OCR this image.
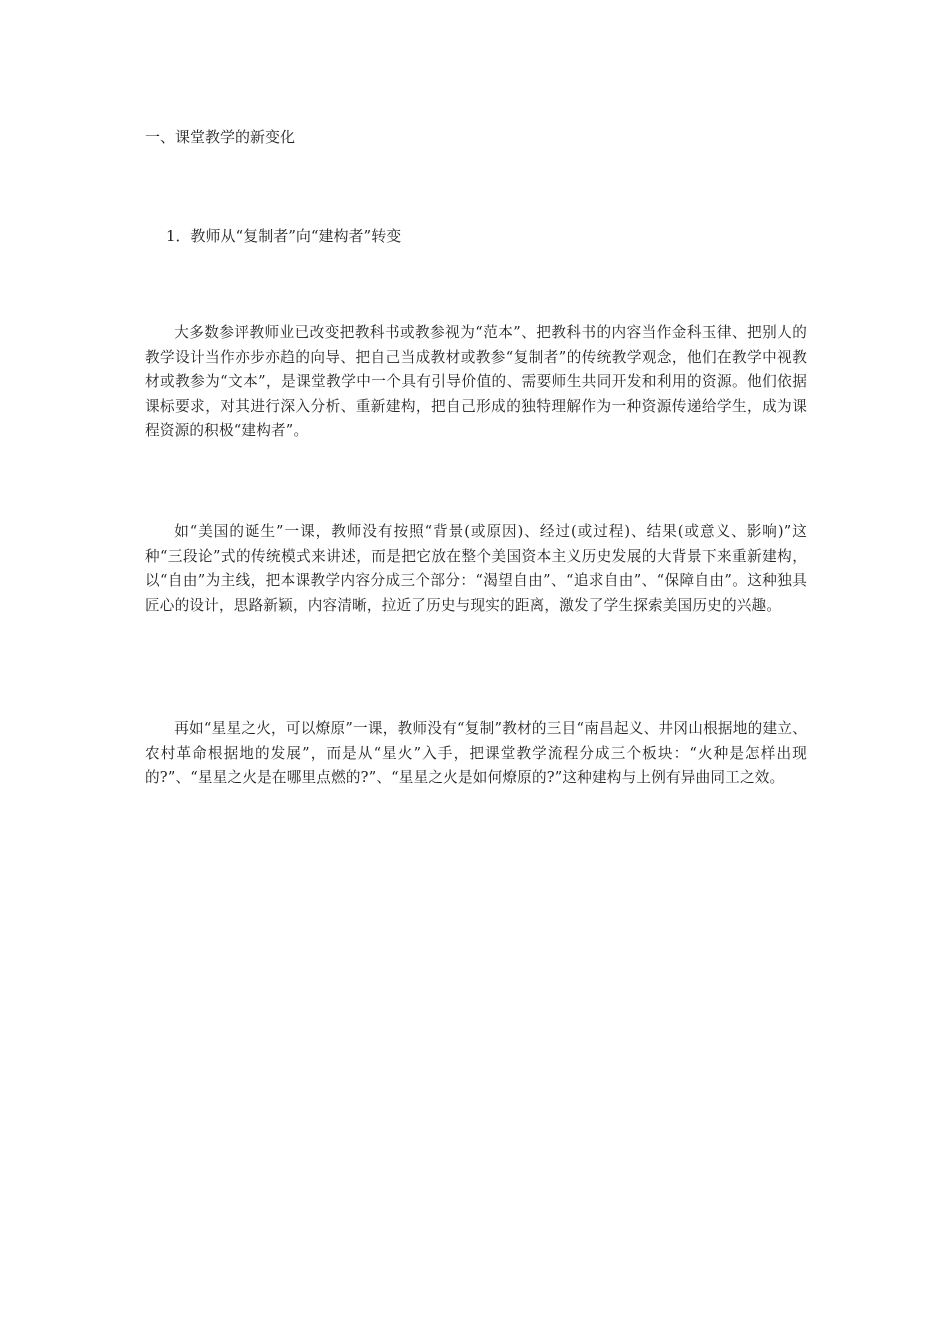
一、课堂教学的新变化
1．教师从“复制者”向“建构者”转变

大多数参评教师业已改变把教科书或教参视为“范本”、把教科书的内容当作金科玉律、把别人的教学设计当作亦步亦趋的向导、把自己当成教材或教参“复制者”的传统教学观念，他们在教学中视教材或教参为“文本”，是课堂教学中一个具有引导价值的、需要师生共同开发和利用的资源。他们依据课标要求，对其进行深入分析、重新建构，把自己形成的独特理解作为一种资源传递给学生，成为课程资源的积极“建构者”。

如“美国的诞生”一课，教师没有按照“背景(或原因)、经过(或过程)、结果(或意义、影响)”这种“三段论”式的传统模式来讲述，而是把它放在整个美国资本主义历史发展的大背景下来重新建构，以“自由”为主线，把本课教学内容分成三个部分：“渴望自由”、“追求自由”、“保障自由”。这种独具匠心的设计，思路新颖，内容清晰，拉近了历史与现实的距离，激发了学生探索美国历史的兴趣。

再如“星星之火，可以燎原”一课，教师没有“复制”教材的三目“南昌起义、井冈山根据地的建立、农村革命根据地的发展”，而是从“星火”入手，把课堂教学流程分成三个板块：“火种是怎样出现的?”、“星星之火是在哪里点燃的?”、“星星之火是如何燎原的?”这种建构与上例有异曲同工之效。
